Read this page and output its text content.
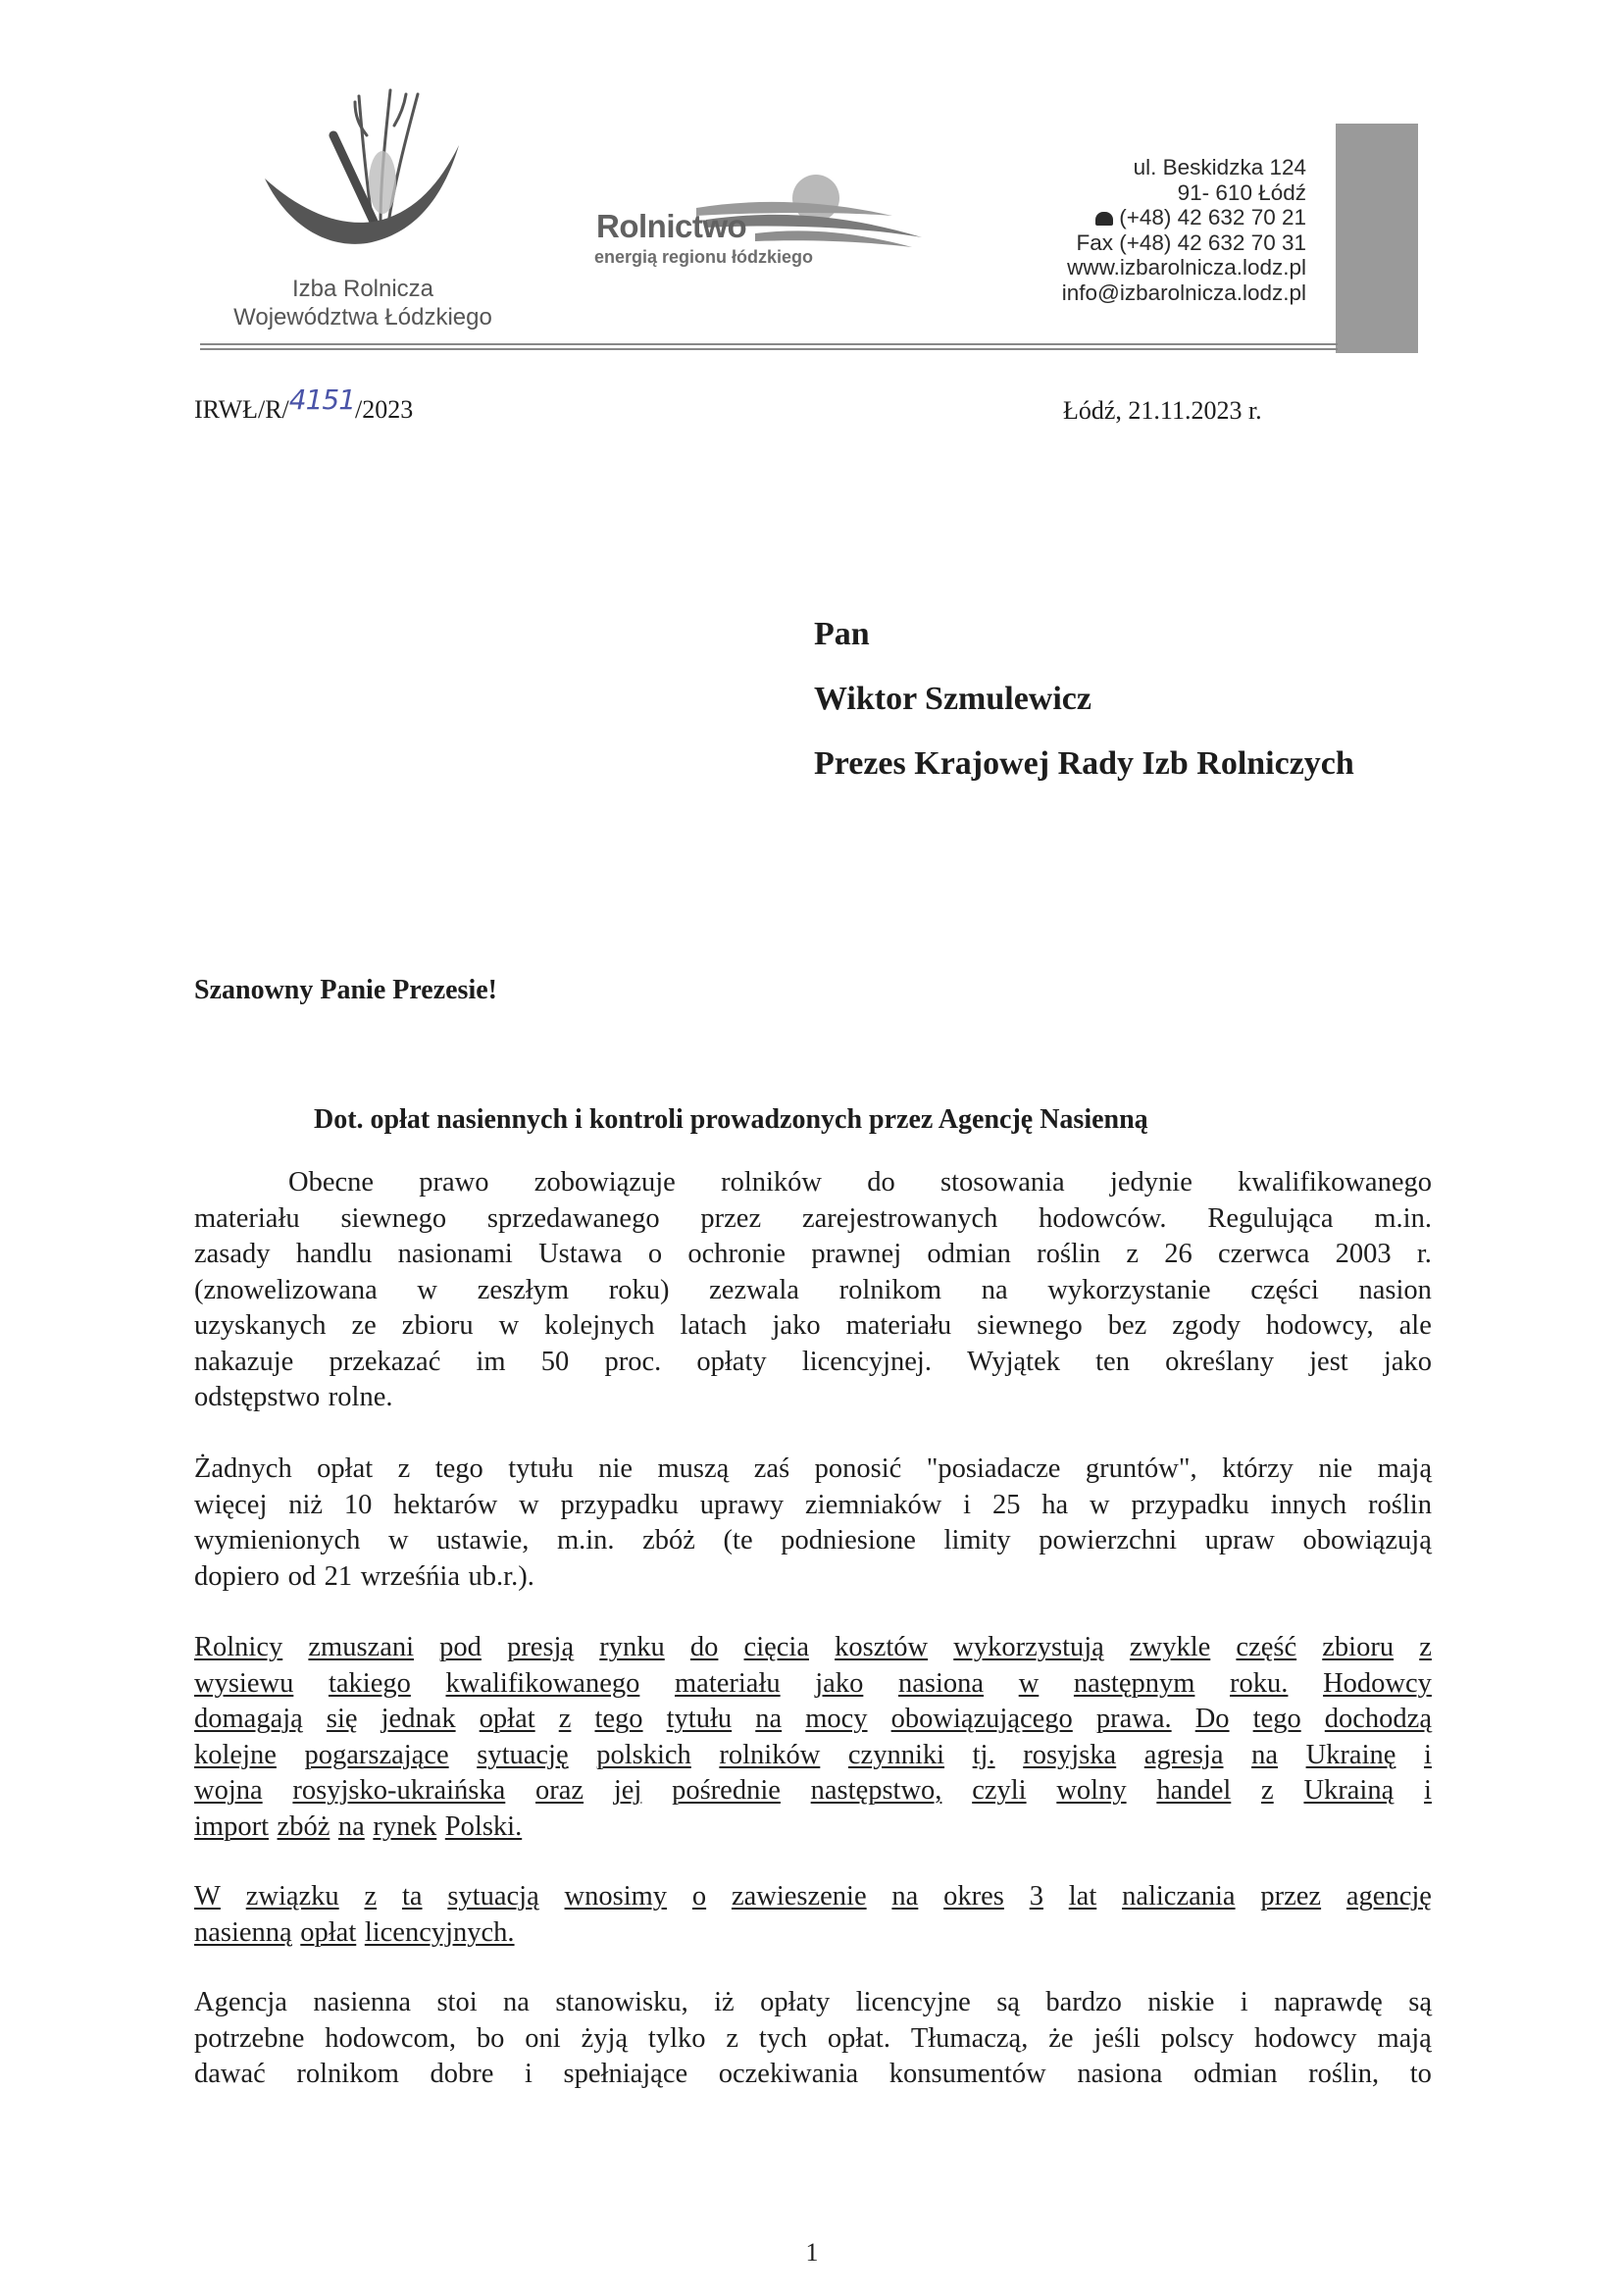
Izba Rolnicza
Województwa Łódzkiego
Rolnictwo
energią regionu łódzkiego
ul. Beskidzka 124
91- 610 Łódź
(+48) 42 632 70 21
Fax (+48) 42 632 70 31
www.izbarolnicza.lodz.pl
info@izbarolnicza.lodz.pl
IRWŁ/R/4151/2023	Łódź, 21.11.2023 r.
Pan
Wiktor Szmulewicz
Prezes Krajowej Rady Izb Rolniczych
Szanowny Panie Prezesie!
Dot. opłat nasiennych i kontroli prowadzonych przez Agencję Nasienną
Obecne prawo zobowiązuje rolników do stosowania jedynie kwalifikowanego
materiału siewnego sprzedawanego przez zarejestrowanych hodowców. Regulująca m.in.
zasady handlu nasionami Ustawa o ochronie prawnej odmian roślin z 26 czerwca 2003 r.
(znowelizowana w zeszłym roku) zezwala rolnikom na wykorzystanie części nasion
uzyskanych ze zbioru w kolejnych latach jako materiału siewnego bez zgody hodowcy, ale
nakazuje przekazać im 50 proc. opłaty licencyjnej. Wyjątek ten określany jest jako
odstępstwo rolne.
Żadnych opłat z tego tytułu nie muszą zaś ponosić "posiadacze gruntów", którzy nie mają
więcej niż 10 hektarów w przypadku uprawy ziemniaków i 25 ha w przypadku innych roślin
wymienionych w ustawie, m.in. zbóż (te podniesione limity powierzchni upraw obowiązują
dopiero od 21 wrześńia ub.r.).
Rolnicy zmuszani pod presją rynku do cięcia kosztów wykorzystują zwykle część zbioru z
wysiewu takiego kwalifikowanego materiału jako nasiona w następnym roku. Hodowcy
domagają się jednak opłat z tego tytułu na mocy obowiązującego prawa. Do tego dochodzą
kolejne pogarszające sytuację polskich rolników czynniki tj. rosyjska agresja na Ukrainę i
wojna rosyjsko-ukraińska oraz jej pośrednie następstwo, czyli wolny handel z Ukrainą i
import zbóż na rynek Polski.
W związku z ta sytuacją wnosimy o zawieszenie na okres 3 lat naliczania przez agencję
nasienną opłat licencyjnych.
Agencja nasienna stoi na stanowisku, iż opłaty licencyjne są bardzo niskie i naprawdę są
potrzebne hodowcom, bo oni żyją tylko z tych opłat. Tłumaczą, że jeśli polscy hodowcy mają
dawać rolnikom dobre i spełniające oczekiwania konsumentów nasiona odmian roślin, to
1
